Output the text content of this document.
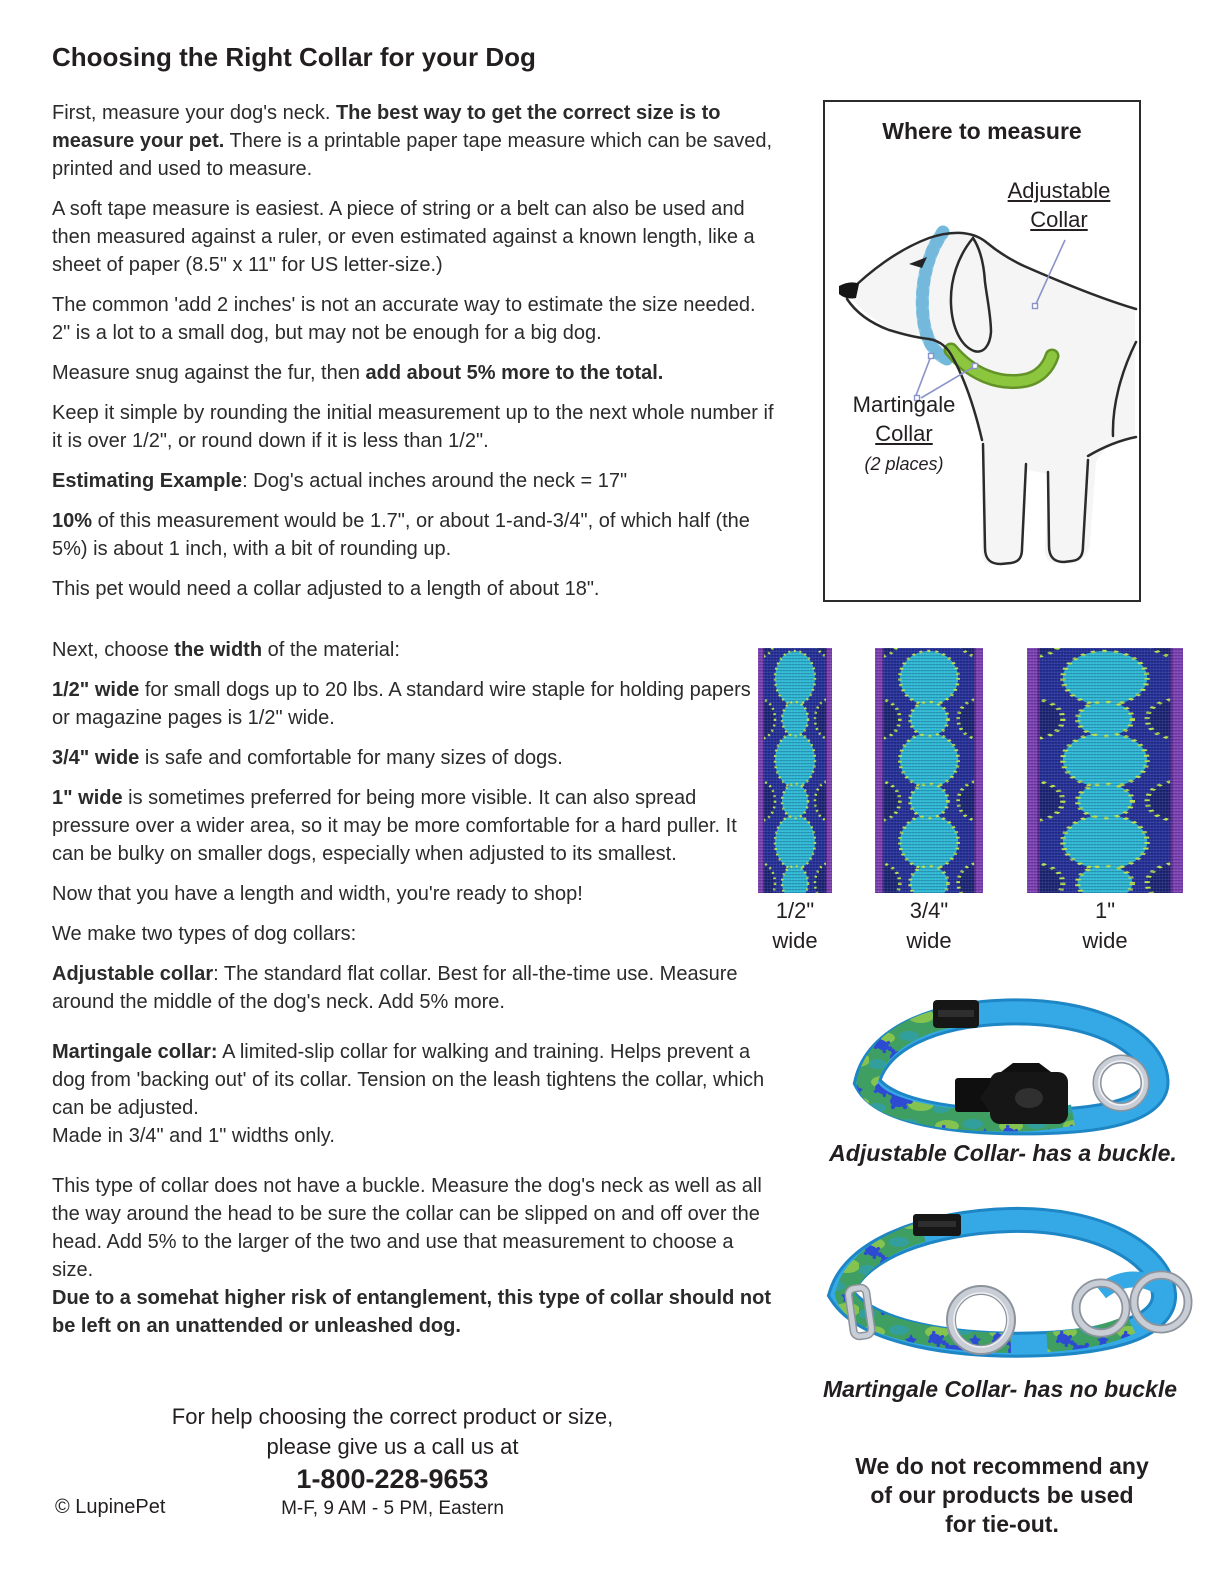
Choosing the Right Collar for your Dog

First, measure your dog's neck. The best way to get the correct size is to measure your pet. There is a printable paper tape measure which can be saved, printed and used to measure.

A soft tape measure is easiest. A piece of string or a belt can also be used and then measured against a ruler, or even estimated against a known length, like a sheet of paper (8.5" x 11" for US letter-size.)

The common 'add 2 inches' is not an accurate way to estimate the size needed. 2" is a lot to a small dog, but may not be enough for a big dog.

Measure snug against the fur, then add about 5% more to the total.

Keep it simple by rounding the initial measurement up to the next whole number if it is over 1/2", or round down if it is less than 1/2".

Estimating Example: Dog's actual inches around the neck = 17"

10% of this measurement would be 1.7", or about 1-and-3/4", of which half (the 5%) is about 1 inch, with a bit of rounding up.

This pet would need a collar adjusted to a length of about 18".

Next, choose the width of the material:

1/2" wide for small dogs up to 20 lbs. A standard wire staple for holding papers or magazine pages is 1/2" wide.

3/4" wide is safe and comfortable for many sizes of dogs.

1" wide is sometimes preferred for being more visible. It can also spread pressure over a wider area, so it may be more comfortable for a hard puller. It can be bulky on smaller dogs, especially when adjusted to its smallest.

Now that you have a length and width, you're ready to shop!

We make two types of dog collars:

Adjustable collar: The standard flat collar. Best for all-the-time use. Measure around the middle of the dog's neck. Add 5% more.

Martingale collar: A limited-slip collar for walking and training. Helps prevent a dog from 'backing out' of its collar. Tension on the leash tightens the collar, which can be adjusted.
Made in 3/4" and 1" widths only.

This type of collar does not have a buckle. Measure the dog's neck as well as all the way around the head to be sure the collar can be slipped on and off over the head. Add 5% to the larger of the two and use that measurement to choose a size.
Due to a somehat higher risk of entanglement, this type of collar should not be left on an unattended or unleashed dog.

Where to measure
Adjustable
Collar
Martingale
Collar
(2 places)
1/2"
wide
3/4"
wide
1"
wide
Adjustable Collar- has a buckle.
Martingale Collar- has no buckle
We do not recommend any of our products be used for tie-out.
For help choosing the correct product or size,
please give us a call us at
1-800-228-9653
M-F, 9 AM - 5 PM, Eastern
© LupinePet
